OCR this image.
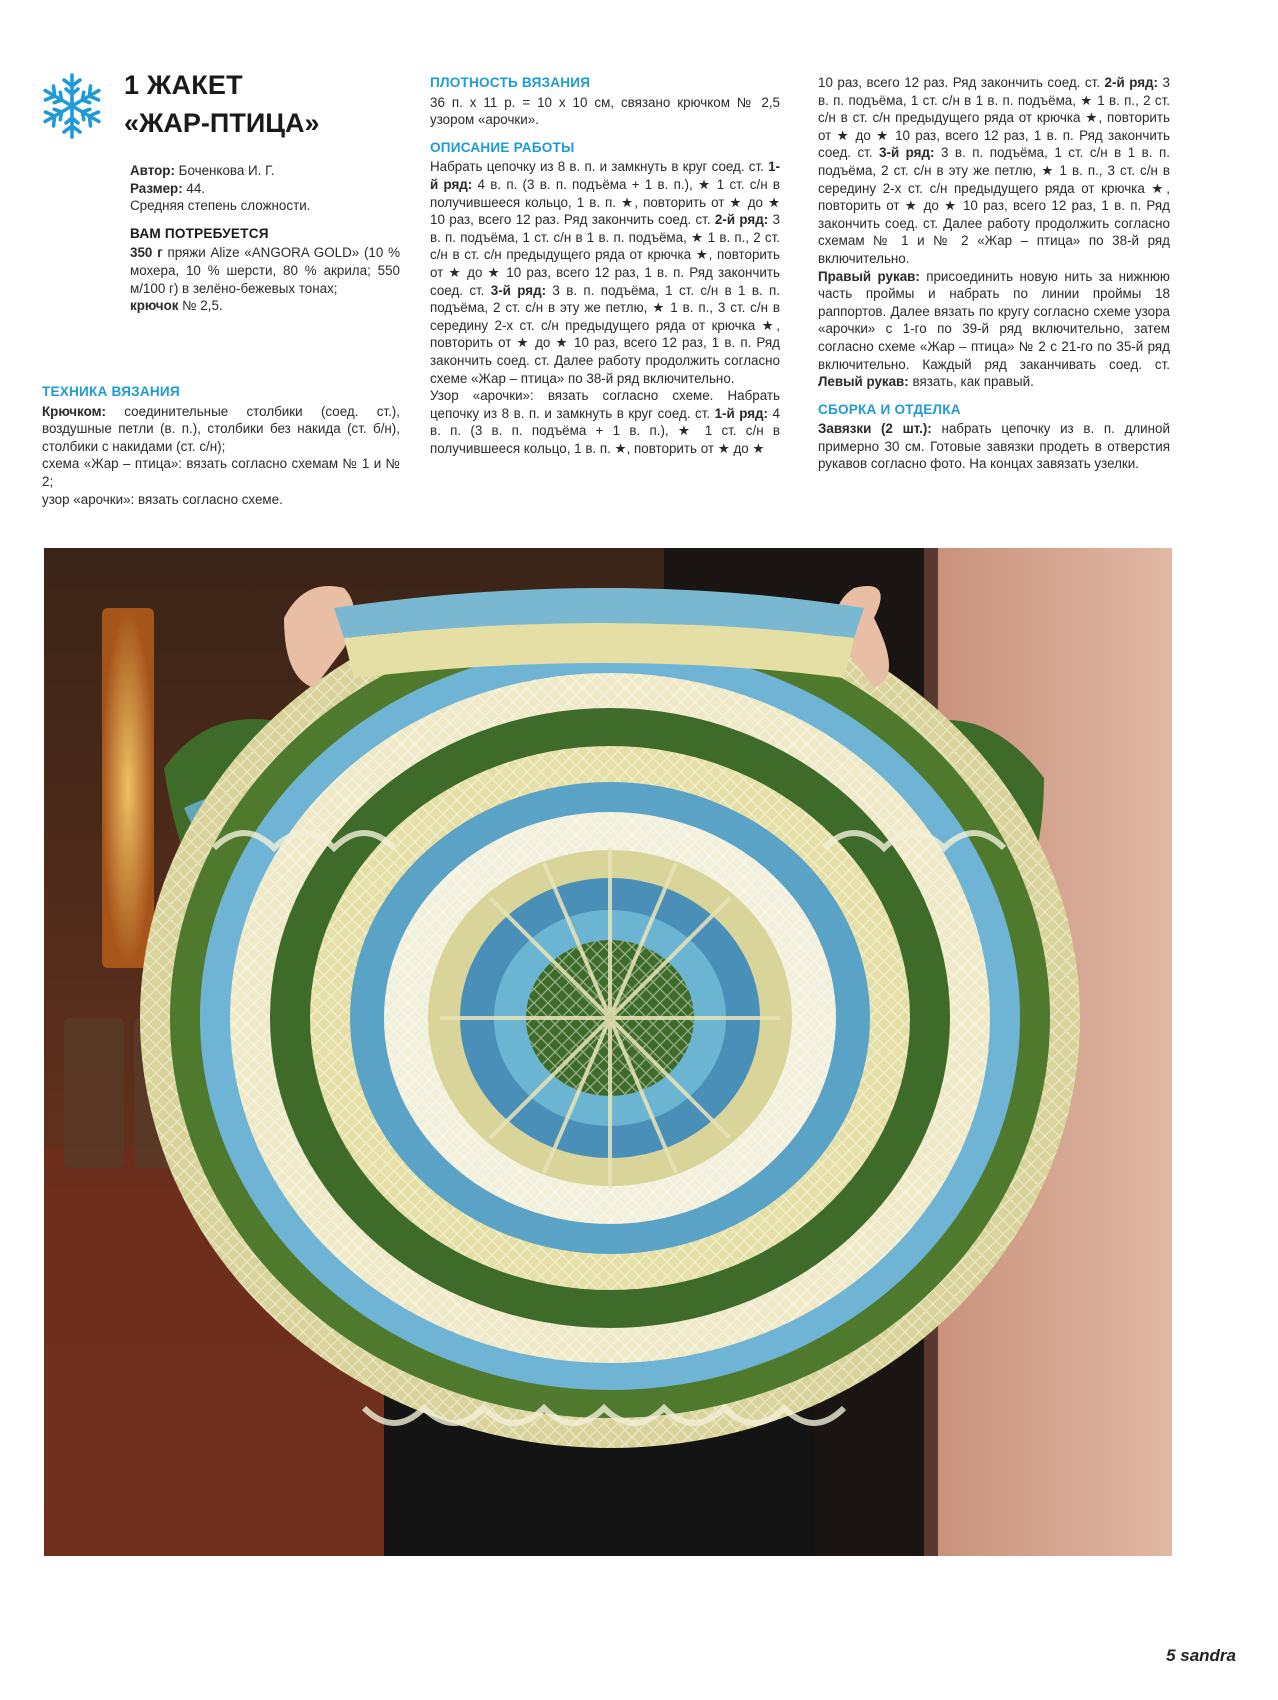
1 ЖАКЕТ
«ЖАР-ПТИЦА»

Автор: Боченкова И. Г.

Размер: 44.

Средняя степень сложности.

ВАМ ПОТРЕБУЕТСЯ

350 г пряжи Alize «ANGORA GOLD» (10 % мохера, 10 % шерсти, 80 % акрила; 550 м/100 г) в зелёно-бежевых тонах;

крючок № 2,5.

ТЕХНИКА ВЯЗАНИЯ

Крючком: соединительные столбики (соед. ст.), воздушные петли (в. п.), столбики без накида (ст. б/н), столбики с накидами (ст. с/н);

схема «Жар – птица»: вязать согласно схемам № 1 и № 2;

узор «арочки»: вязать согласно схеме.

ПЛОТНОСТЬ ВЯЗАНИЯ

36 п. х 11 р. = 10 х 10 см, связано крючком № 2,5 узором «арочки».

ОПИСАНИЕ РАБОТЫ

Набрать цепочку из 8 в. п. и замкнуть в круг соед. ст. 1-й ряд: 4 в. п. (3 в. п. подъёма + 1 в. п.), ★ 1 ст. с/н в получившееся кольцо, 1 в. п. ★, повторить от ★ до ★ 10 раз, всего 12 раз. Ряд закончить соед. ст. 2-й ряд: 3 в. п. подъёма, 1 ст. с/н в 1 в. п. подъёма, ★ 1 в. п., 2 ст. с/н в ст. с/н предыдущего ряда от крючка ★, повторить от ★ до ★ 10 раз, всего 12 раз, 1 в. п. Ряд закончить соед. ст. 3-й ряд: 3 в. п. подъёма, 1 ст. с/н в 1 в. п. подъёма, 2 ст. с/н в эту же петлю, ★ 1 в. п., 3 ст. с/н в середину 2-х ст. с/н предыдущего ряда от крючка ★, повторить от ★ до ★ 10 раз, всего 12 раз, 1 в. п. Ряд закончить соед. ст. Далее работу продолжить согласно схеме «Жар – птица» по 38-й ряд включительно.

Узор «арочки»: вязать согласно схеме. Набрать цепочку из 8 в. п. и замкнуть в круг соед. ст. 1-й ряд: 4 в. п. (3 в. п. подъёма + 1 в. п.), ★ 1 ст. с/н в получившееся кольцо, 1 в. п. ★, повторить от ★ до ★

10 раз, всего 12 раз. Ряд закончить соед. ст. 2-й ряд: 3 в. п. подъёма, 1 ст. с/н в 1 в. п. подъёма, ★ 1 в. п., 2 ст. с/н в ст. с/н предыдущего ряда от крючка ★, повторить от ★ до ★ 10 раз, всего 12 раз, 1 в. п. Ряд закончить соед. ст. 3-й ряд: 3 в. п. подъёма, 1 ст. с/н в 1 в. п. подъёма, 2 ст. с/н в эту же петлю, ★ 1 в. п., 3 ст. с/н в середину 2-х ст. с/н предыдущего ряда от крючка ★, повторить от ★ до ★ 10 раз, всего 12 раз, 1 в. п. Ряд закончить соед. ст. Далее работу продолжить согласно схемам № 1 и № 2 «Жар – птица» по 38-й ряд включительно.

Правый рукав: присоединить новую нить за нижнюю часть проймы и набрать по линии проймы 18 раппортов. Далее вязать по кругу согласно схеме узора «арочки» с 1-го по 39-й ряд включительно, затем согласно схеме «Жар – птица» № 2 с 21-го по 35-й ряд включительно. Каждый ряд заканчивать соед. ст. Левый рукав: вязать, как правый.

СБОРКА И ОТДЕЛКА

Завязки (2 шт.): набрать цепочку из в. п. длиной примерно 30 см. Готовые завязки продеть в отверстия рукавов согласно фото. На концах завязать узелки.

5 sandra
